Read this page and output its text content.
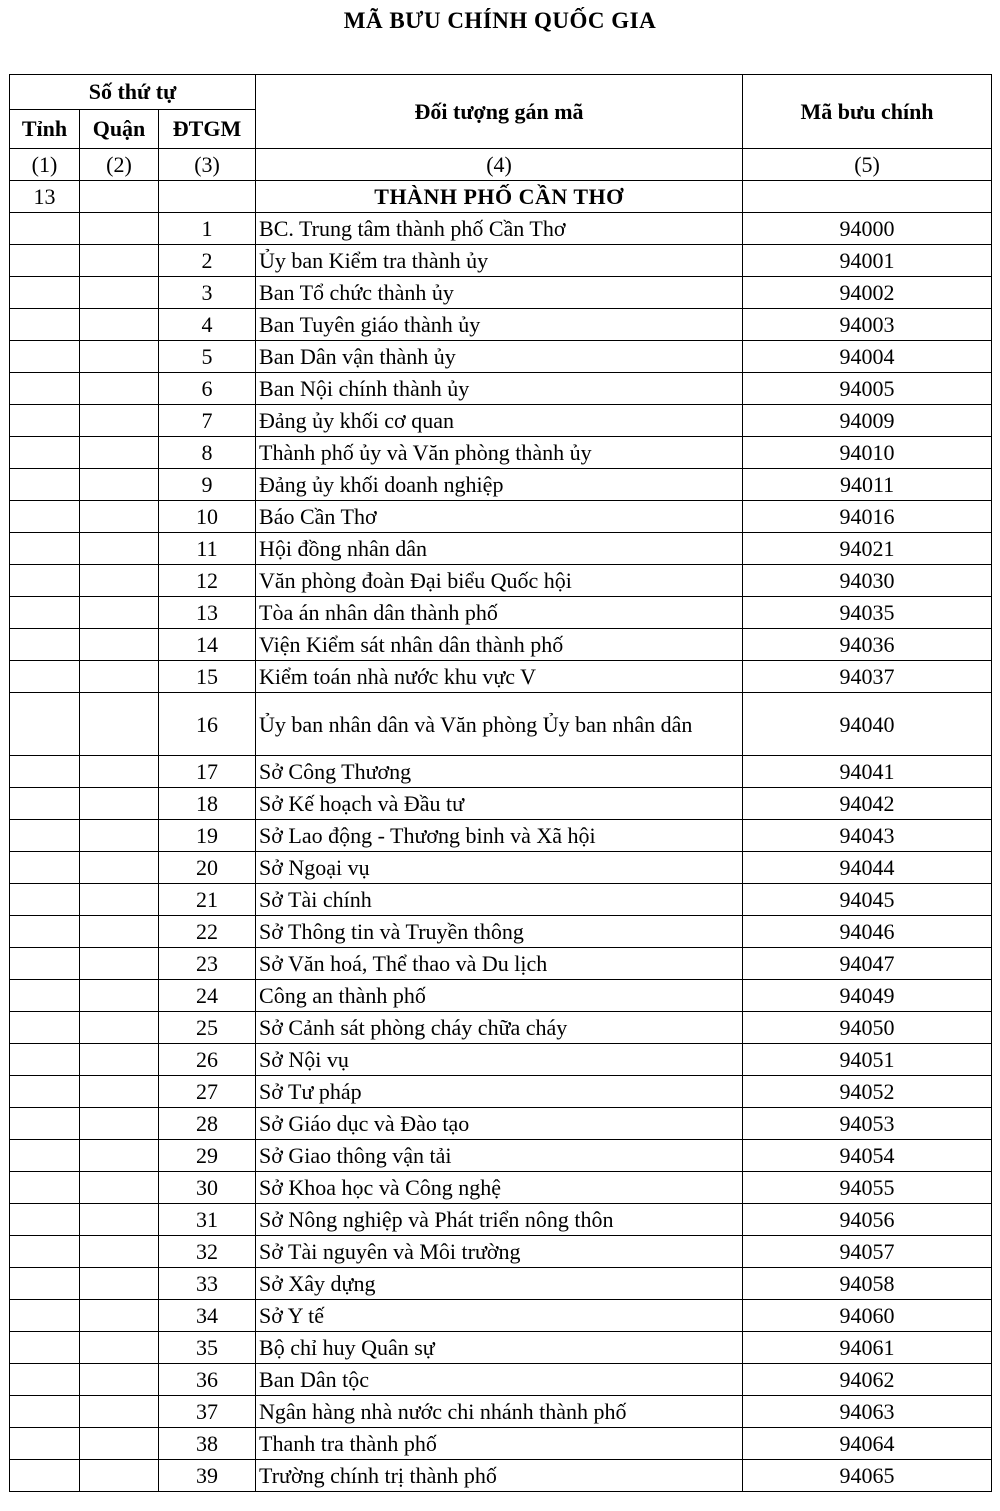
MÃ BƯU CHÍNH QUỐC GIA
Số thứ tự			Đối tượng gán mã	Mã bưu chính
Tỉnh	Quận	ĐTGM		
(1)	(2)	(3)	(4)	(5)
13			THÀNH PHỐ CẦN THƠ	
		1	BC. Trung tâm thành phố Cần Thơ	94000
		2	Ủy ban Kiểm tra thành ủy	94001
		3	Ban Tổ chức thành ủy	94002
		4	Ban Tuyên giáo thành ủy	94003
		5	Ban Dân vận thành ủy	94004
		6	Ban Nội chính thành ủy	94005
		7	Đảng ủy khối cơ quan	94009
		8	Thành phố ủy và Văn phòng thành ủy	94010
		9	Đảng ủy khối doanh nghiệp	94011
		10	Báo Cần Thơ	94016
		11	Hội đồng nhân dân	94021
		12	Văn phòng đoàn Đại biểu Quốc hội	94030
		13	Tòa án nhân dân thành phố	94035
		14	Viện Kiểm sát nhân dân thành phố	94036
		15	Kiểm toán nhà nước khu vực V	94037
		16	Ủy ban nhân dân và Văn phòng Ủy ban nhân dân	94040
		17	Sở Công Thương	94041
		18	Sở Kế hoạch và Đầu tư	94042
		19	Sở Lao động - Thương binh và Xã hội	94043
		20	Sở Ngoại vụ	94044
		21	Sở Tài chính	94045
		22	Sở Thông tin và Truyền thông	94046
		23	Sở Văn hoá, Thể thao và Du lịch	94047
		24	Công an thành phố	94049
		25	Sở Cảnh sát phòng cháy chữa cháy	94050
		26	Sở Nội vụ	94051
		27	Sở Tư pháp	94052
		28	Sở Giáo dục và Đào tạo	94053
		29	Sở Giao thông vận tải	94054
		30	Sở Khoa học và Công nghệ	94055
		31	Sở Nông nghiệp và Phát triển nông thôn	94056
		32	Sở Tài nguyên và Môi trường	94057
		33	Sở Xây dựng	94058
		34	Sở Y tế	94060
		35	Bộ chỉ huy Quân sự	94061
		36	Ban Dân tộc	94062
		37	Ngân hàng nhà nước chi nhánh thành phố	94063
		38	Thanh tra thành phố	94064
		39	Trường chính trị thành phố	94065
